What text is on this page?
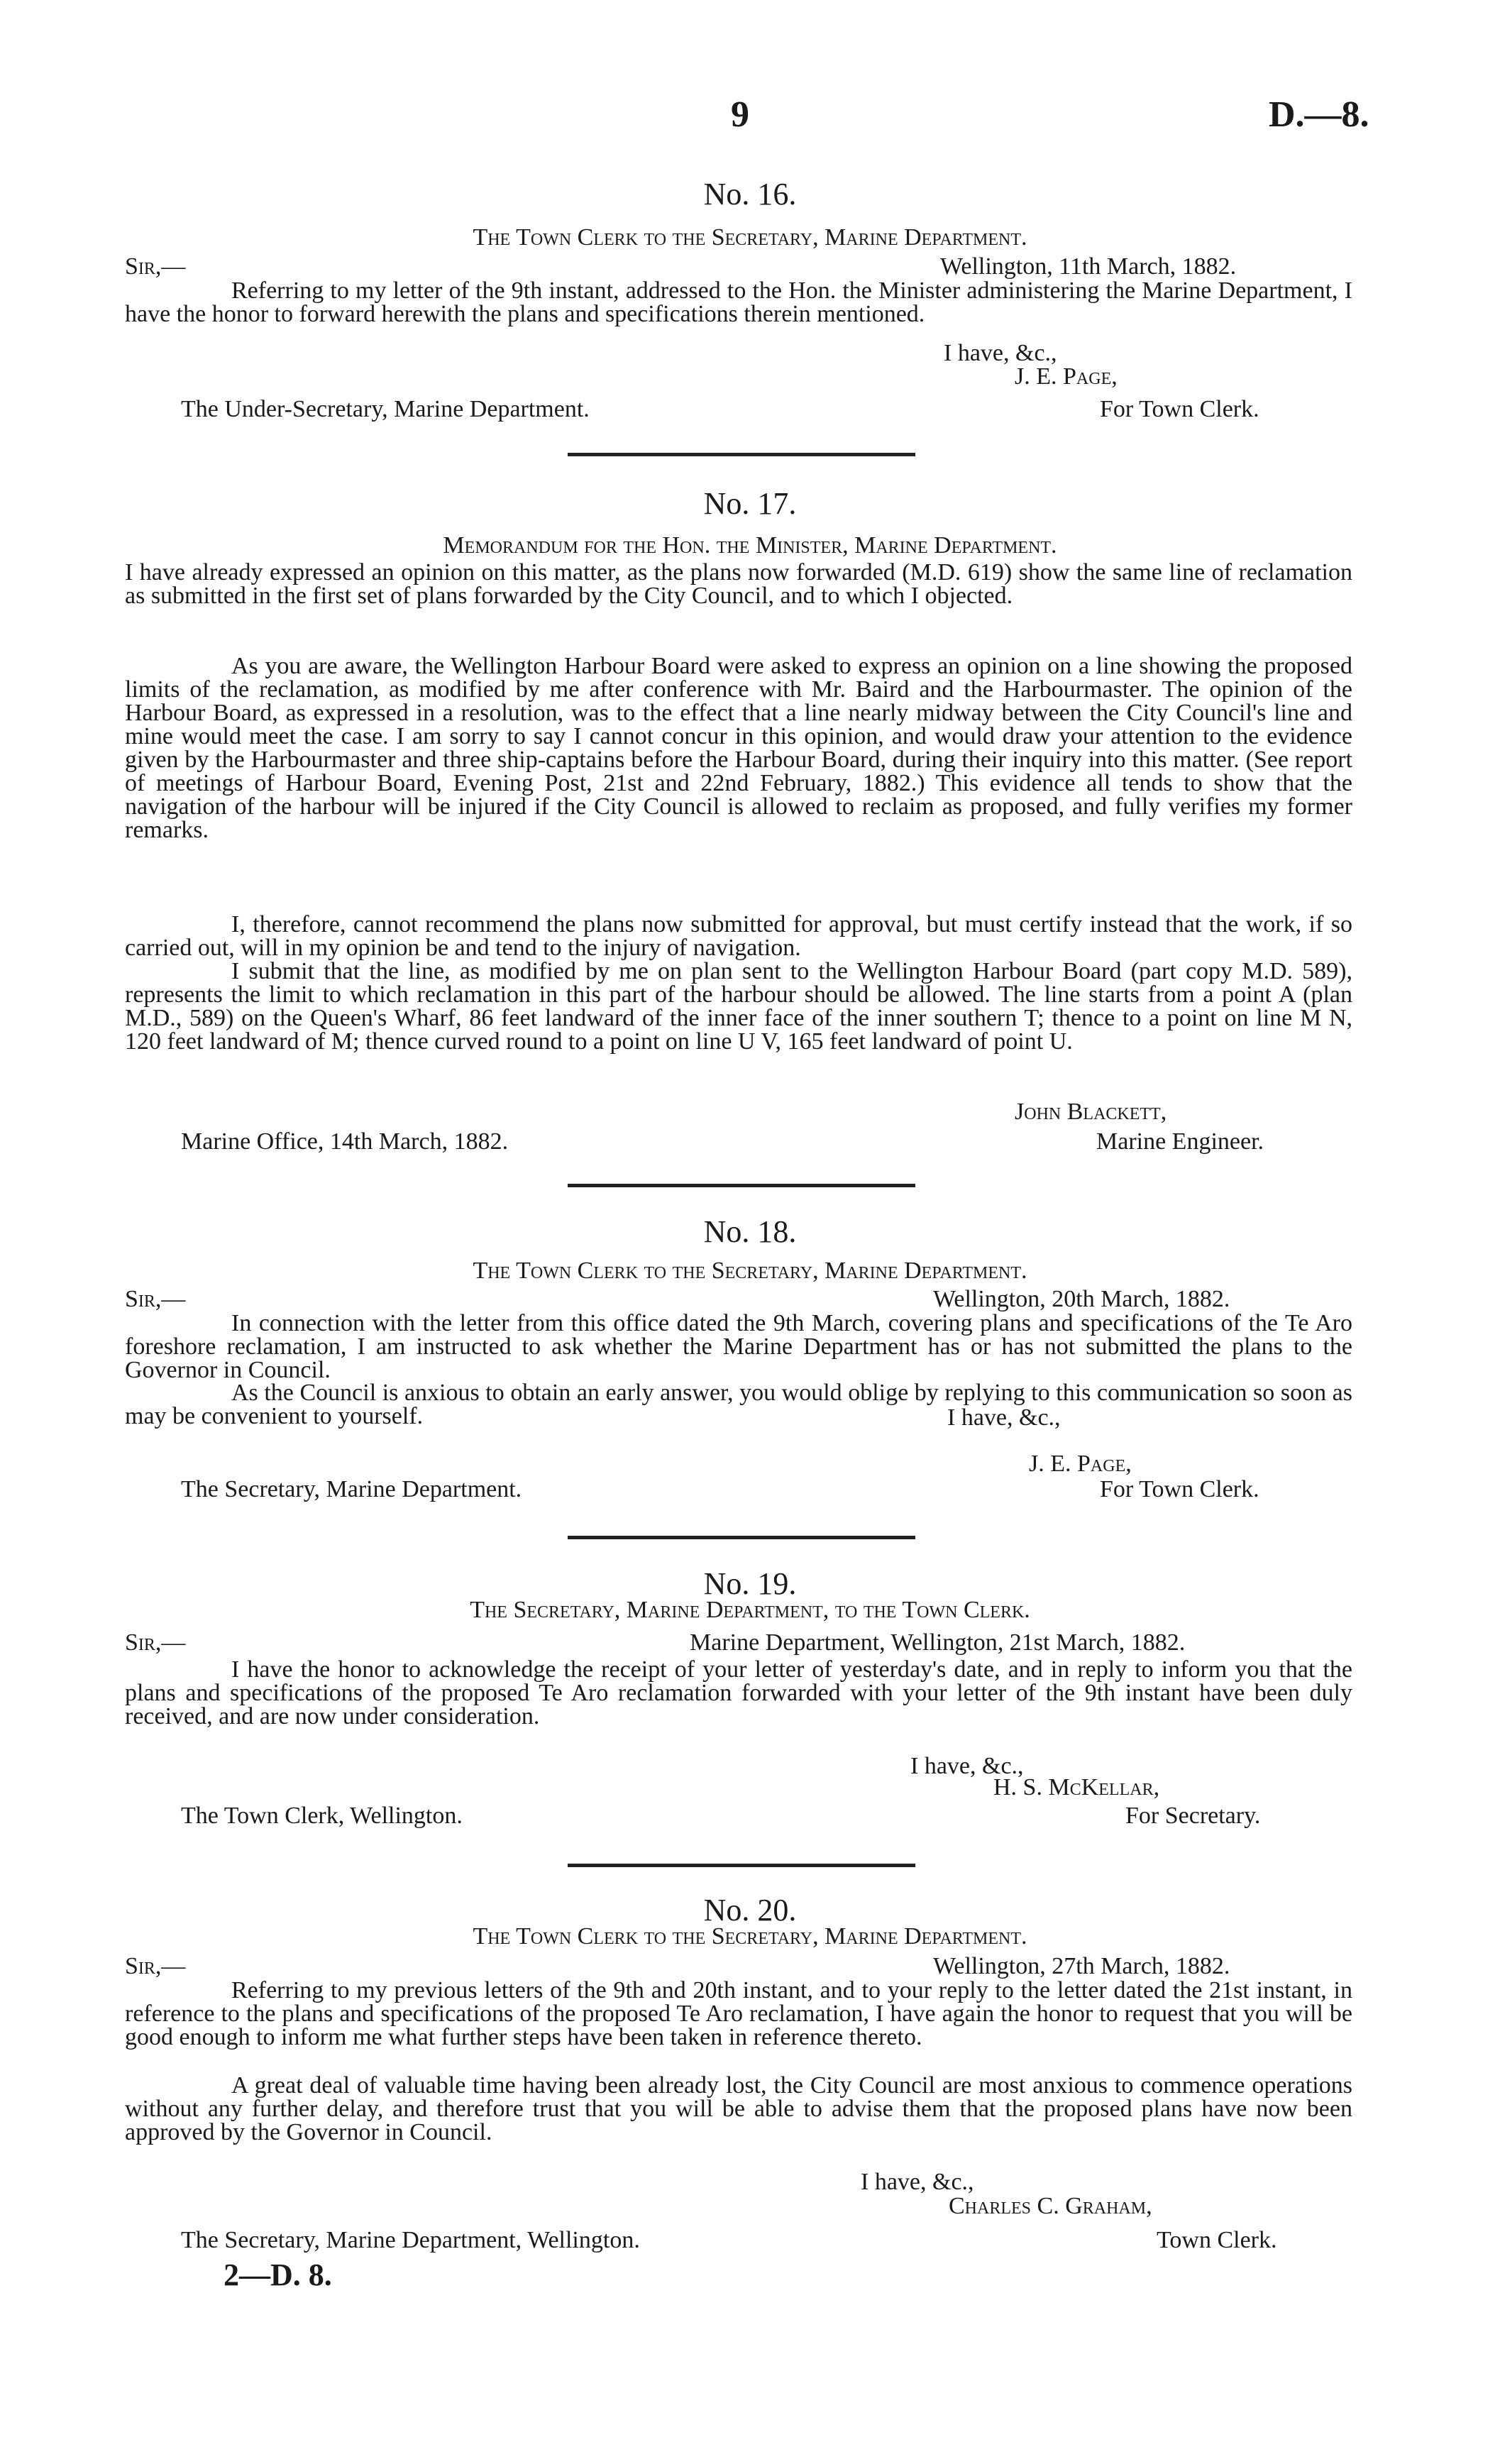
9	D.—8.
No. 16.
The Town Clerk to the Secretary, Marine Department.
Sir,—	Wellington, 11th March, 1882.
Referring to my letter of the 9th instant, addressed to the Hon. the Minister administering the Marine Department, I have the honor to forward herewith the plans and specifications therein mentioned.
I have, &c.,
J. E. Page,
The Under-Secretary, Marine Department.	For Town Clerk.
No. 17.
Memorandum for the Hon. the Minister, Marine Department.
I have already expressed an opinion on this matter, as the plans now forwarded (M.D. 619) show the same line of reclamation as submitted in the first set of plans forwarded by the City Council, and to which I objected.
As you are aware, the Wellington Harbour Board were asked to express an opinion on a line showing the proposed limits of the reclamation, as modified by me after conference with Mr. Baird and the Harbourmaster. The opinion of the Harbour Board, as expressed in a resolution, was to the effect that a line nearly midway between the City Council's line and mine would meet the case. I am sorry to say I cannot concur in this opinion, and would draw your attention to the evidence given by the Harbourmaster and three ship-captains before the Harbour Board, during their inquiry into this matter. (See report of meetings of Harbour Board, Evening Post, 21st and 22nd February, 1882.) This evidence all tends to show that the navigation of the harbour will be injured if the City Council is allowed to reclaim as proposed, and fully verifies my former remarks.
I, therefore, cannot recommend the plans now submitted for approval, but must certify instead that the work, if so carried out, will in my opinion be and tend to the injury of navigation.
I submit that the line, as modified by me on plan sent to the Wellington Harbour Board (part copy M.D. 589), represents the limit to which reclamation in this part of the harbour should be allowed. The line starts from a point A (plan M.D., 589) on the Queen's Wharf, 86 feet landward of the inner face of the inner southern T; thence to a point on line M N, 120 feet landward of M; thence curved round to a point on line U V, 165 feet landward of point U.
John Blackett,
Marine Office, 14th March, 1882.	Marine Engineer.
No. 18.
The Town Clerk to the Secretary, Marine Department.
Sir,—	Wellington, 20th March, 1882.
In connection with the letter from this office dated the 9th March, covering plans and specifications of the Te Aro foreshore reclamation, I am instructed to ask whether the Marine Department has or has not submitted the plans to the Governor in Council.
As the Council is anxious to obtain an early answer, you would oblige by replying to this communication so soon as may be convenient to yourself.	I have, &c.,
J. E. Page,
The Secretary, Marine Department.	For Town Clerk.
No. 19.
The Secretary, Marine Department, to the Town Clerk.
Sir,—	Marine Department, Wellington, 21st March, 1882.
I have the honor to acknowledge the receipt of your letter of yesterday's date, and in reply to inform you that the plans and specifications of the proposed Te Aro reclamation forwarded with your letter of the 9th instant have been duly received, and are now under consideration.
I have, &c.,
H. S. McKellar,
The Town Clerk, Wellington.	For Secretary.
No. 20.
The Town Clerk to the Secretary, Marine Department.
Sir,—	Wellington, 27th March, 1882.
Referring to my previous letters of the 9th and 20th instant, and to your reply to the letter dated the 21st instant, in reference to the plans and specifications of the proposed Te Aro reclamation, I have again the honor to request that you will be good enough to inform me what further steps have been taken in reference thereto.
A great deal of valuable time having been already lost, the City Council are most anxious to commence operations without any further delay, and therefore trust that you will be able to advise them that the proposed plans have now been approved by the Governor in Council.
I have, &c.,
Charles C. Graham,
The Secretary, Marine Department, Wellington.	Town Clerk.
2—D. 8.
